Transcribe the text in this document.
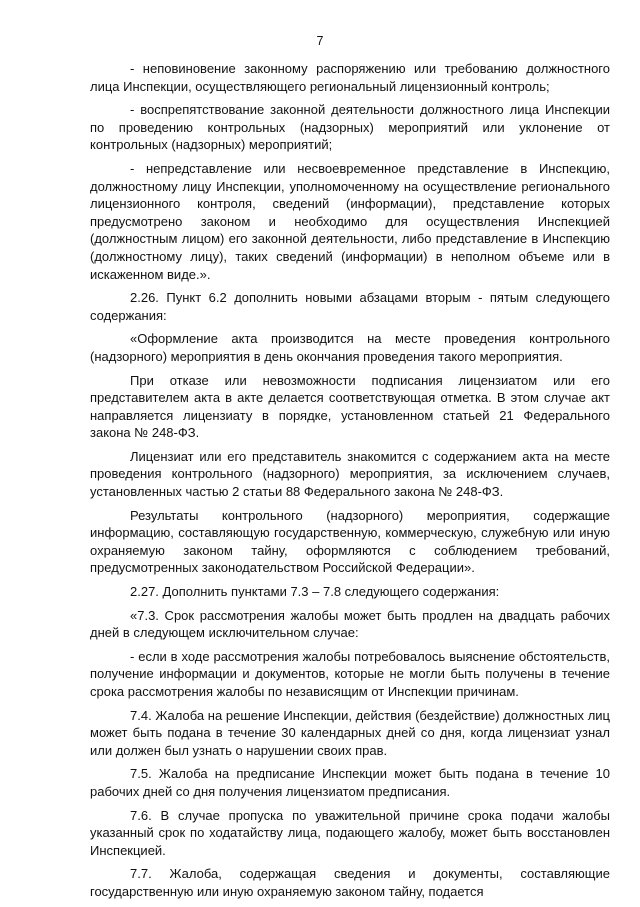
7

- неповиновение законному распоряжению или требованию должностного лица Инспекции, осуществляющего региональный лицензионный контроль;

- воспрепятствование законной деятельности должностного лица Инспекции по проведению контрольных (надзорных) мероприятий или уклонение от контрольных (надзорных) мероприятий;

- непредставление или несвоевременное представление в Инспекцию, должностному лицу Инспекции, уполномоченному на осуществление регионального лицензионного контроля, сведений (информации), представление которых предусмотрено законом и необходимо для осуществления Инспекцией (должностным лицом) его законной деятельности, либо представление в Инспекцию (должностному лицу), таких сведений (информации) в неполном объеме или в искаженном виде.».

2.26. Пункт 6.2 дополнить новыми абзацами вторым - пятым следующего содержания:

«Оформление акта производится на месте проведения контрольного (надзорного) мероприятия в день окончания проведения такого мероприятия.

При отказе или невозможности подписания лицензиатом или его представителем акта в акте делается соответствующая отметка. В этом случае акт направляется лицензиату в порядке, установленном статьей 21 Федерального закона № 248-ФЗ.

Лицензиат или его представитель знакомится с содержанием акта на месте проведения контрольного (надзорного) мероприятия, за исключением случаев, установленных частью 2 статьи 88 Федерального закона № 248-ФЗ.

Результаты контрольного (надзорного) мероприятия, содержащие информацию, составляющую государственную, коммерческую, служебную или иную охраняемую законом тайну, оформляются с соблюдением требований, предусмотренных законодательством Российской Федерации».

2.27. Дополнить пунктами 7.3 – 7.8 следующего содержания:

«7.3. Срок рассмотрения жалобы может быть продлен на двадцать рабочих дней в следующем исключительном случае:

- если в ходе рассмотрения жалобы потребовалось выяснение обстоятельств, получение информации и документов, которые не могли быть получены в течение срока рассмотрения жалобы по независящим от Инспекции причинам.

7.4. Жалоба на решение Инспекции, действия (бездействие) должностных лиц может быть подана в течение 30 календарных дней со дня, когда лицензиат узнал или должен был узнать о нарушении своих прав.

7.5. Жалоба на предписание Инспекции может быть подана в течение 10 рабочих дней со дня получения лицензиатом предписания.

7.6. В случае пропуска по уважительной причине срока подачи жалобы указанный срок по ходатайству лица, подающего жалобу, может быть восстановлен Инспекцией.

7.7. Жалоба, содержащая сведения и документы, составляющие государственную или иную охраняемую законом тайну, подается
